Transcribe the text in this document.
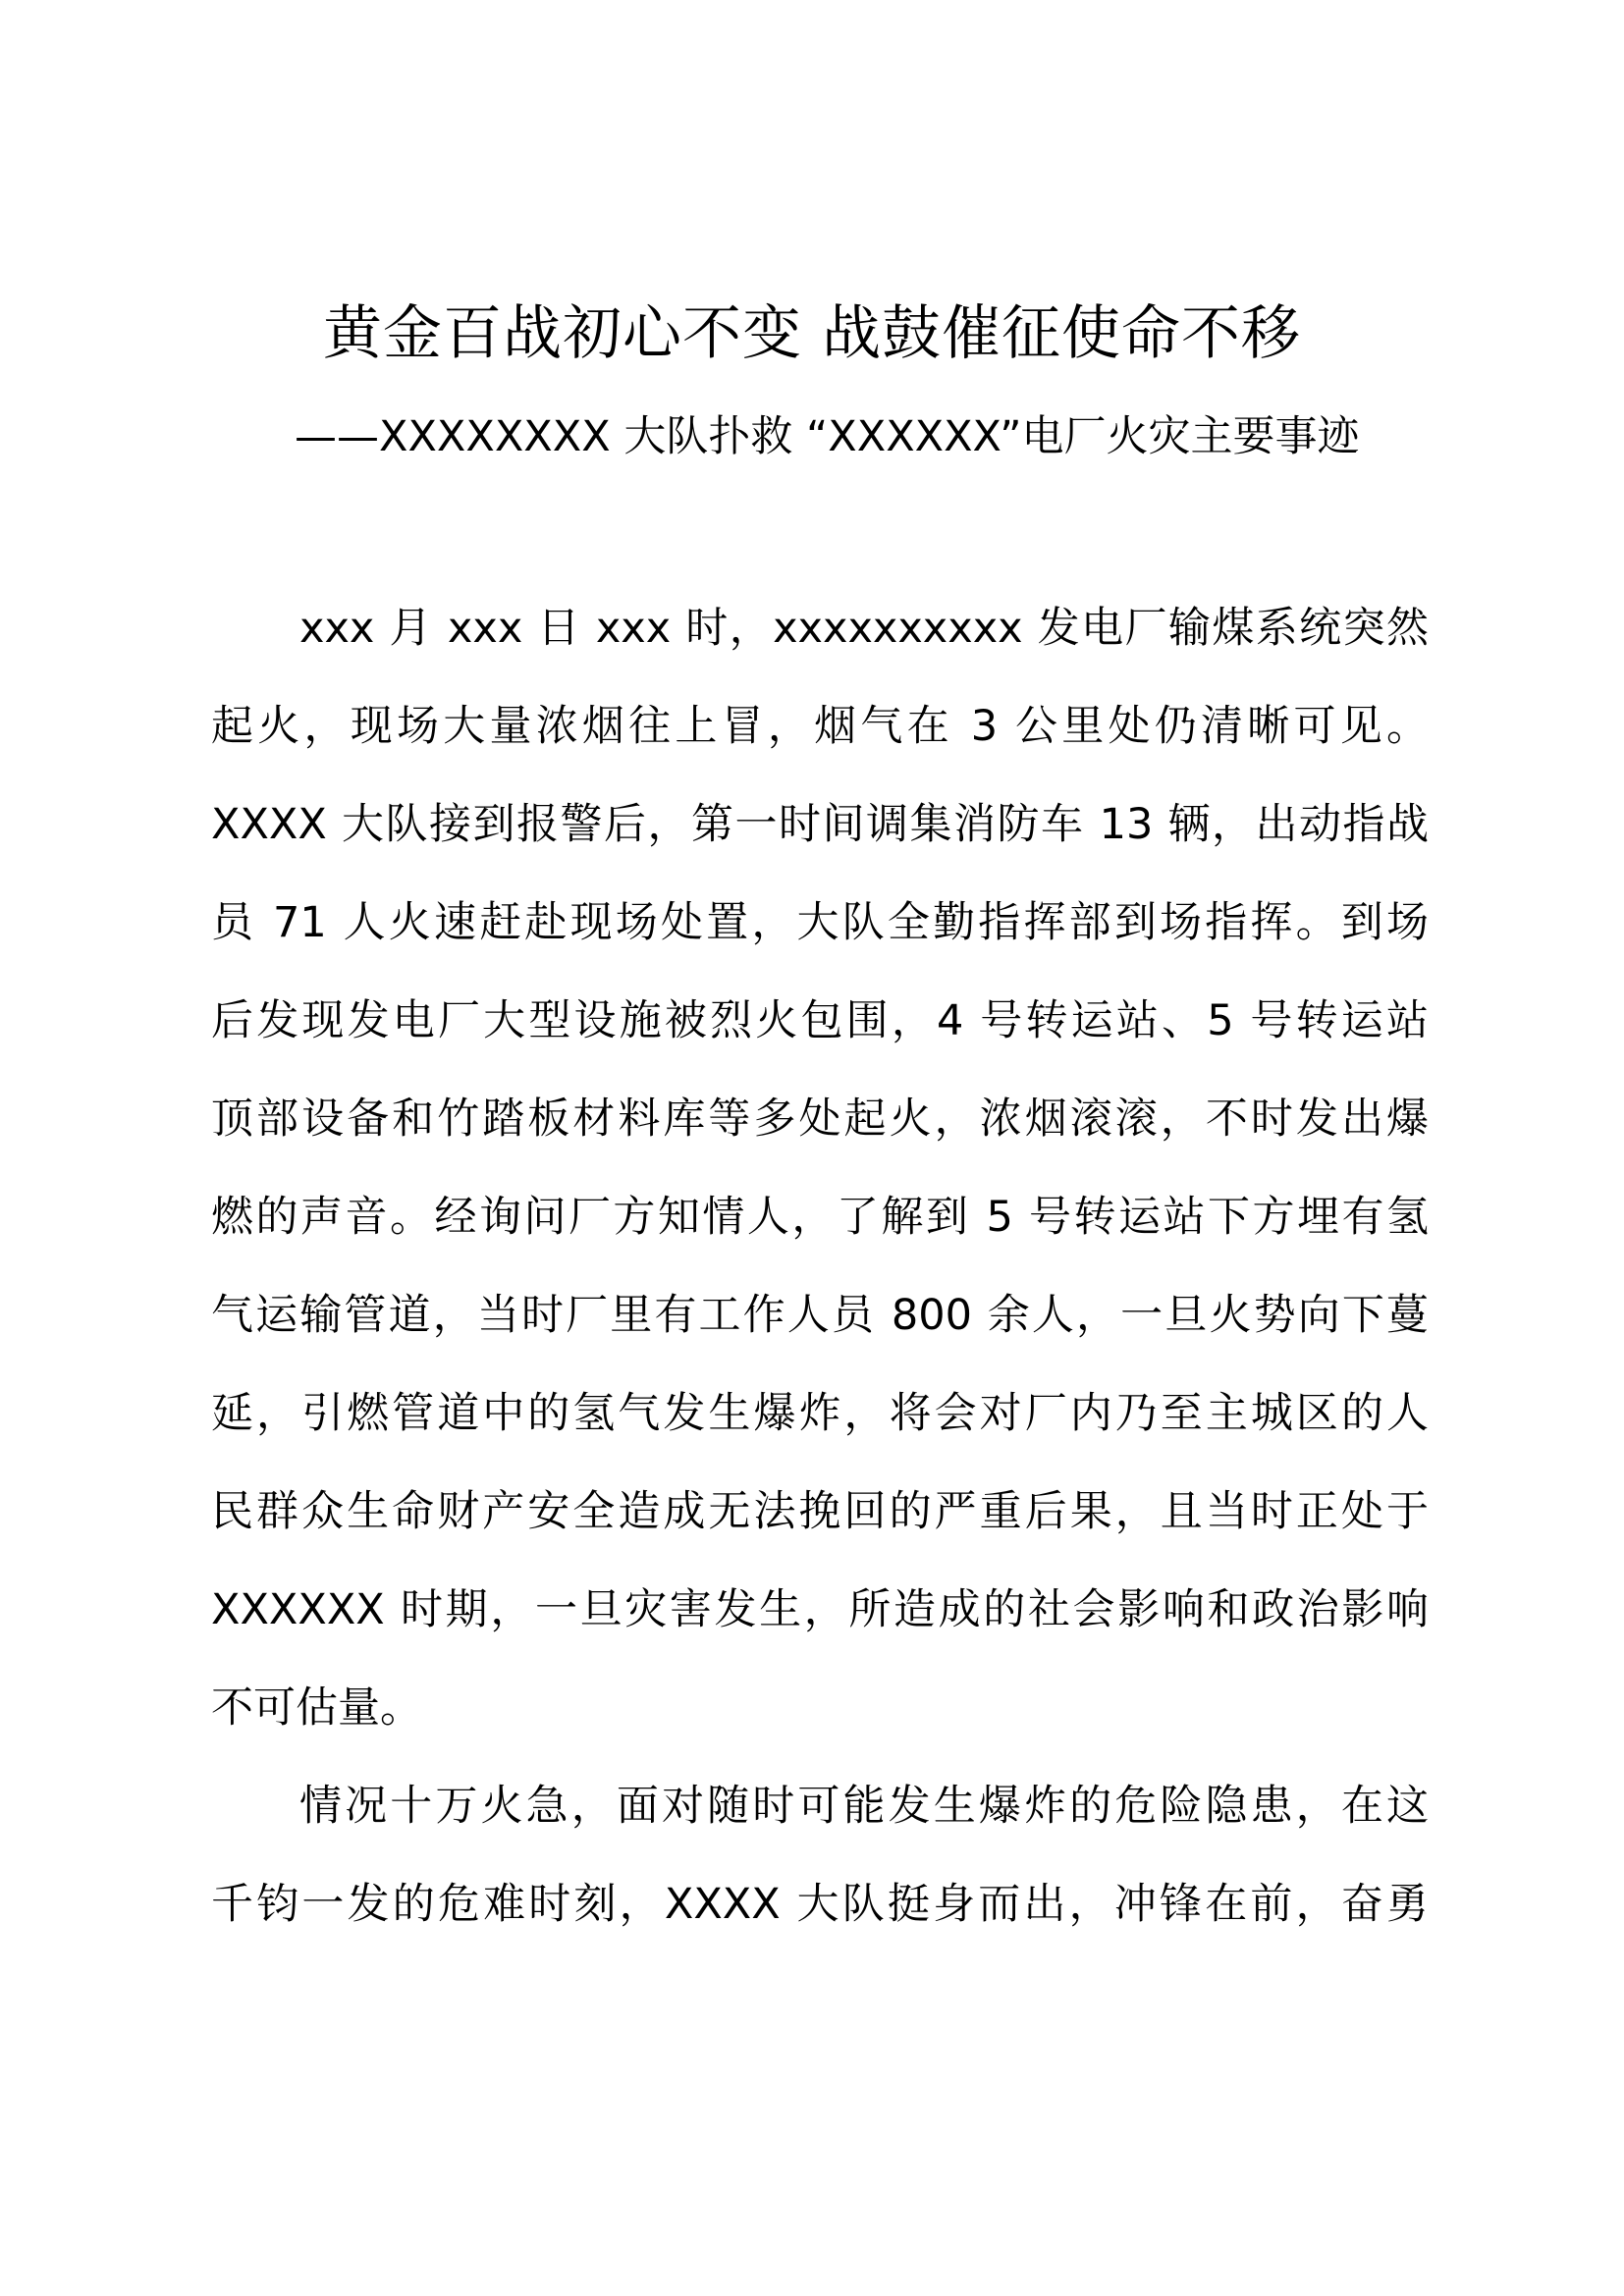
黄金百战初心不变 战鼓催征使命不移
——XXXXXXXX 大队扑救 “XXXXXX”电厂火灾主要事迹
xxx 月 xxx 日 xxx 时，xxxxxxxxxx 发电厂输煤系统突然
起火，现场大量浓烟往上冒，烟气在 3 公里处仍清晰可见。
XXXX 大队接到报警后，第一时间调集消防车 13 辆，出动指战
员 71 人火速赶赴现场处置，大队全勤指挥部到场指挥。到场
后发现发电厂大型设施被烈火包围，4 号转运站、5 号转运站
顶部设备和竹踏板材料库等多处起火，浓烟滚滚，不时发出爆
燃的声音。经询问厂方知情人，了解到 5 号转运站下方埋有氢
气运输管道，当时厂里有工作人员 800 余人，一旦火势向下蔓
延，引燃管道中的氢气发生爆炸，将会对厂内乃至主城区的人
民群众生命财产安全造成无法挽回的严重后果，且当时正处于
XXXXXX 时期，一旦灾害发生，所造成的社会影响和政治影响
不可估量。
情况十万火急，面对随时可能发生爆炸的危险隐患，在这
千钧一发的危难时刻，XXXX 大队挺身而出，冲锋在前，奋勇
